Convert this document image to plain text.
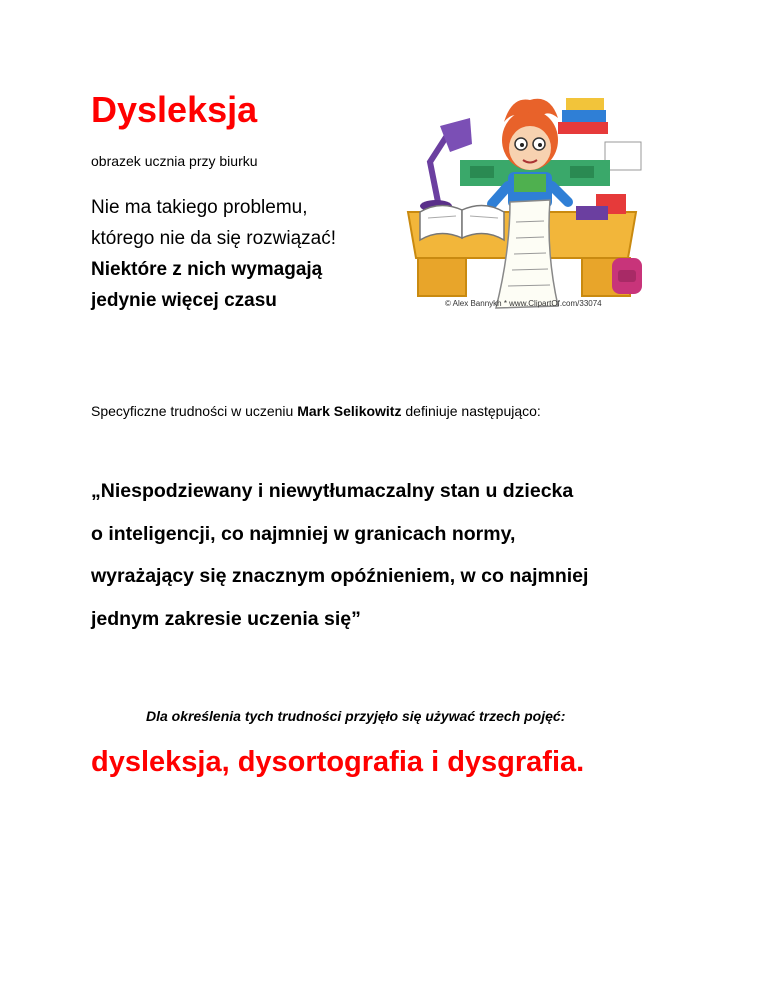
Dysleksja
obrazek ucznia przy biurku
Nie ma takiego problemu,
którego nie da się rozwiązać!
Niektóre z nich wymagają
jedynie więcej czasu	© Alex Bannykh * www.ClipartOf.com/33074
Specyficzne trudności w uczeniu Mark Selikowitz definiuje następująco:
„Niespodziewany i niewytłumaczalny stan u dziecka
o inteligencji, co najmniej w granicach normy,
wyrażający się znacznym opóźnieniem, w co najmniej
jednym zakresie uczenia się”
Dla określenia tych trudności przyjęło się używać trzech pojęć:
dysleksja, dysortografia i dysgrafia.
